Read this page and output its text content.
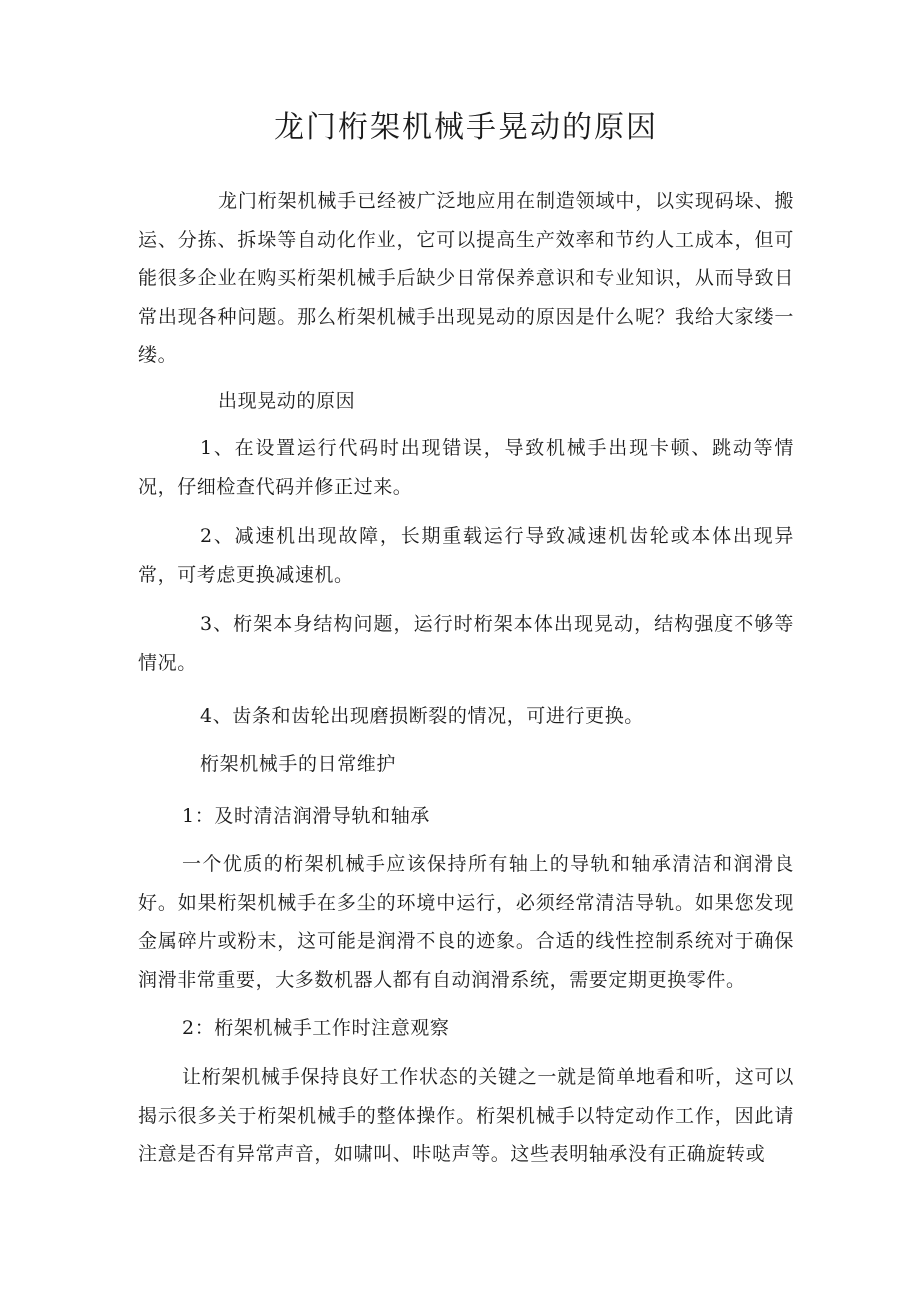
龙门桁架机械手晃动的原因

龙门桁架机械手已经被广泛地应用在制造领域中，以实现码垛、搬运、分拣、拆垛等自动化作业，它可以提高生产效率和节约人工成本，但可能很多企业在购买桁架机械手后缺少日常保养意识和专业知识，从而导致日常出现各种问题。那么桁架机械手出现晃动的原因是什么呢？我给大家缕一缕。

出现晃动的原因

1、在设置运行代码时出现错误，导致机械手出现卡顿、跳动等情况，仔细检查代码并修正过来。

2、减速机出现故障，长期重载运行导致减速机齿轮或本体出现异常，可考虑更换减速机。

3、桁架本身结构问题，运行时桁架本体出现晃动，结构强度不够等情况。

4、齿条和齿轮出现磨损断裂的情况，可进行更换。

桁架机械手的日常维护

1：及时清洁润滑导轨和轴承

一个优质的桁架机械手应该保持所有轴上的导轨和轴承清洁和润滑良好。如果桁架机械手在多尘的环境中运行，必须经常清洁导轨。如果您发现金属碎片或粉末，这可能是润滑不良的迹象。合适的线性控制系统对于确保润滑非常重要，大多数机器人都有自动润滑系统，需要定期更换零件。

2：桁架机械手工作时注意观察

让桁架机械手保持良好工作状态的关键之一就是简单地看和听，这可以揭示很多关于桁架机械手的整体操作。桁架机械手以特定动作工作，因此请注意是否有异常声音，如啸叫、咔哒声等。这些表明轴承没有正确旋转或
